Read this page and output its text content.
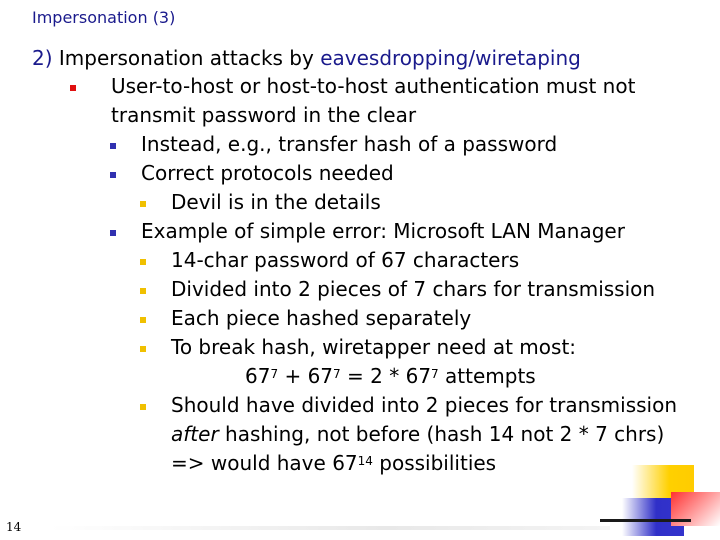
Impersonation (3)
2) Impersonation attacks by eavesdropping/wiretaping
User-to-host or host-to-host authentication must not
transmit password in the clear
Instead, e.g., transfer hash of a password
Correct protocols needed
Devil is in the details
Example of simple error: Microsoft LAN Manager
14-char password of 67 characters
Divided into 2 pieces of 7 chars for transmission
Each piece hashed separately
To break hash, wiretapper need at most:
$67^7 + 67^7 = 2 * 67^7$ attempts
Should have divided into 2 pieces for transmission
after hashing, not before (hash 14 not 2 * 7 chrs)
=> would have $67^{14}$ possibilities
14
